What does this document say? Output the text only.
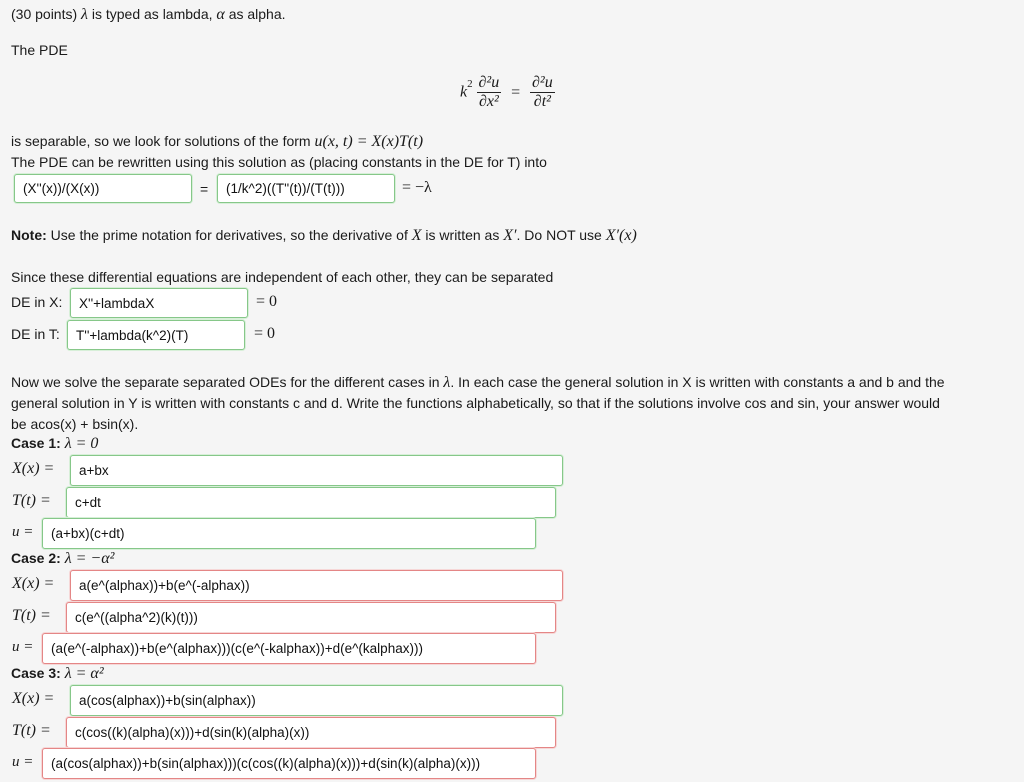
(30 points) λ is typed as lambda, α as alpha.
The PDE
$k^2 \frac{\text{∂²u}}{\text{∂x²}} = \frac{\text{∂²u}}{\text{∂t²}}$
is separable, so we look for solutions of the form u(x, t) = X(x)T(t)
The PDE can be rewritten using this solution as (placing constants in the DE for T) into
(X''(x))/(X(x))	=	(1/k^2)((T''(t))/(T(t)))	= −λ
Note: Use the prime notation for derivatives, so the derivative of X is written as X′. Do NOT use X′(x)
Since these differential equations are independent of each other, they can be separated
DE in X:	X''+lambdaX	= 0
DE in T:	T''+lambda(k^2)(T)	= 0
Now we solve the separate separated ODEs for the different cases in λ. In each case the general solution in X is written with constants a and b and the
general solution in Y is written with constants c and d. Write the functions alphabetically, so that if the solutions involve cos and sin, your answer would
be acos(x) + bsin(x).
Case 1: λ = 0
X(x) =	a+bx
T(t) =	c+dt
u =	(a+bx)(c+dt)
Case 2: λ = −α²
X(x) =	a(e^(alphax))+b(e^(-alphax))
T(t) =	c(e^((alpha^2)(k)(t)))
u =	(a(e^(-alphax))+b(e^(alphax)))(c(e^(-kalphax))+d(e^(kalphax)))
Case 3: λ = α²
X(x) =	a(cos(alphax))+b(sin(alphax))
T(t) =	c(cos((k)(alpha)(x)))+d(sin(k)(alpha)(x))
u =	(a(cos(alphax))+b(sin(alphax)))(c(cos((k)(alpha)(x)))+d(sin(k)(alpha)(x)))
